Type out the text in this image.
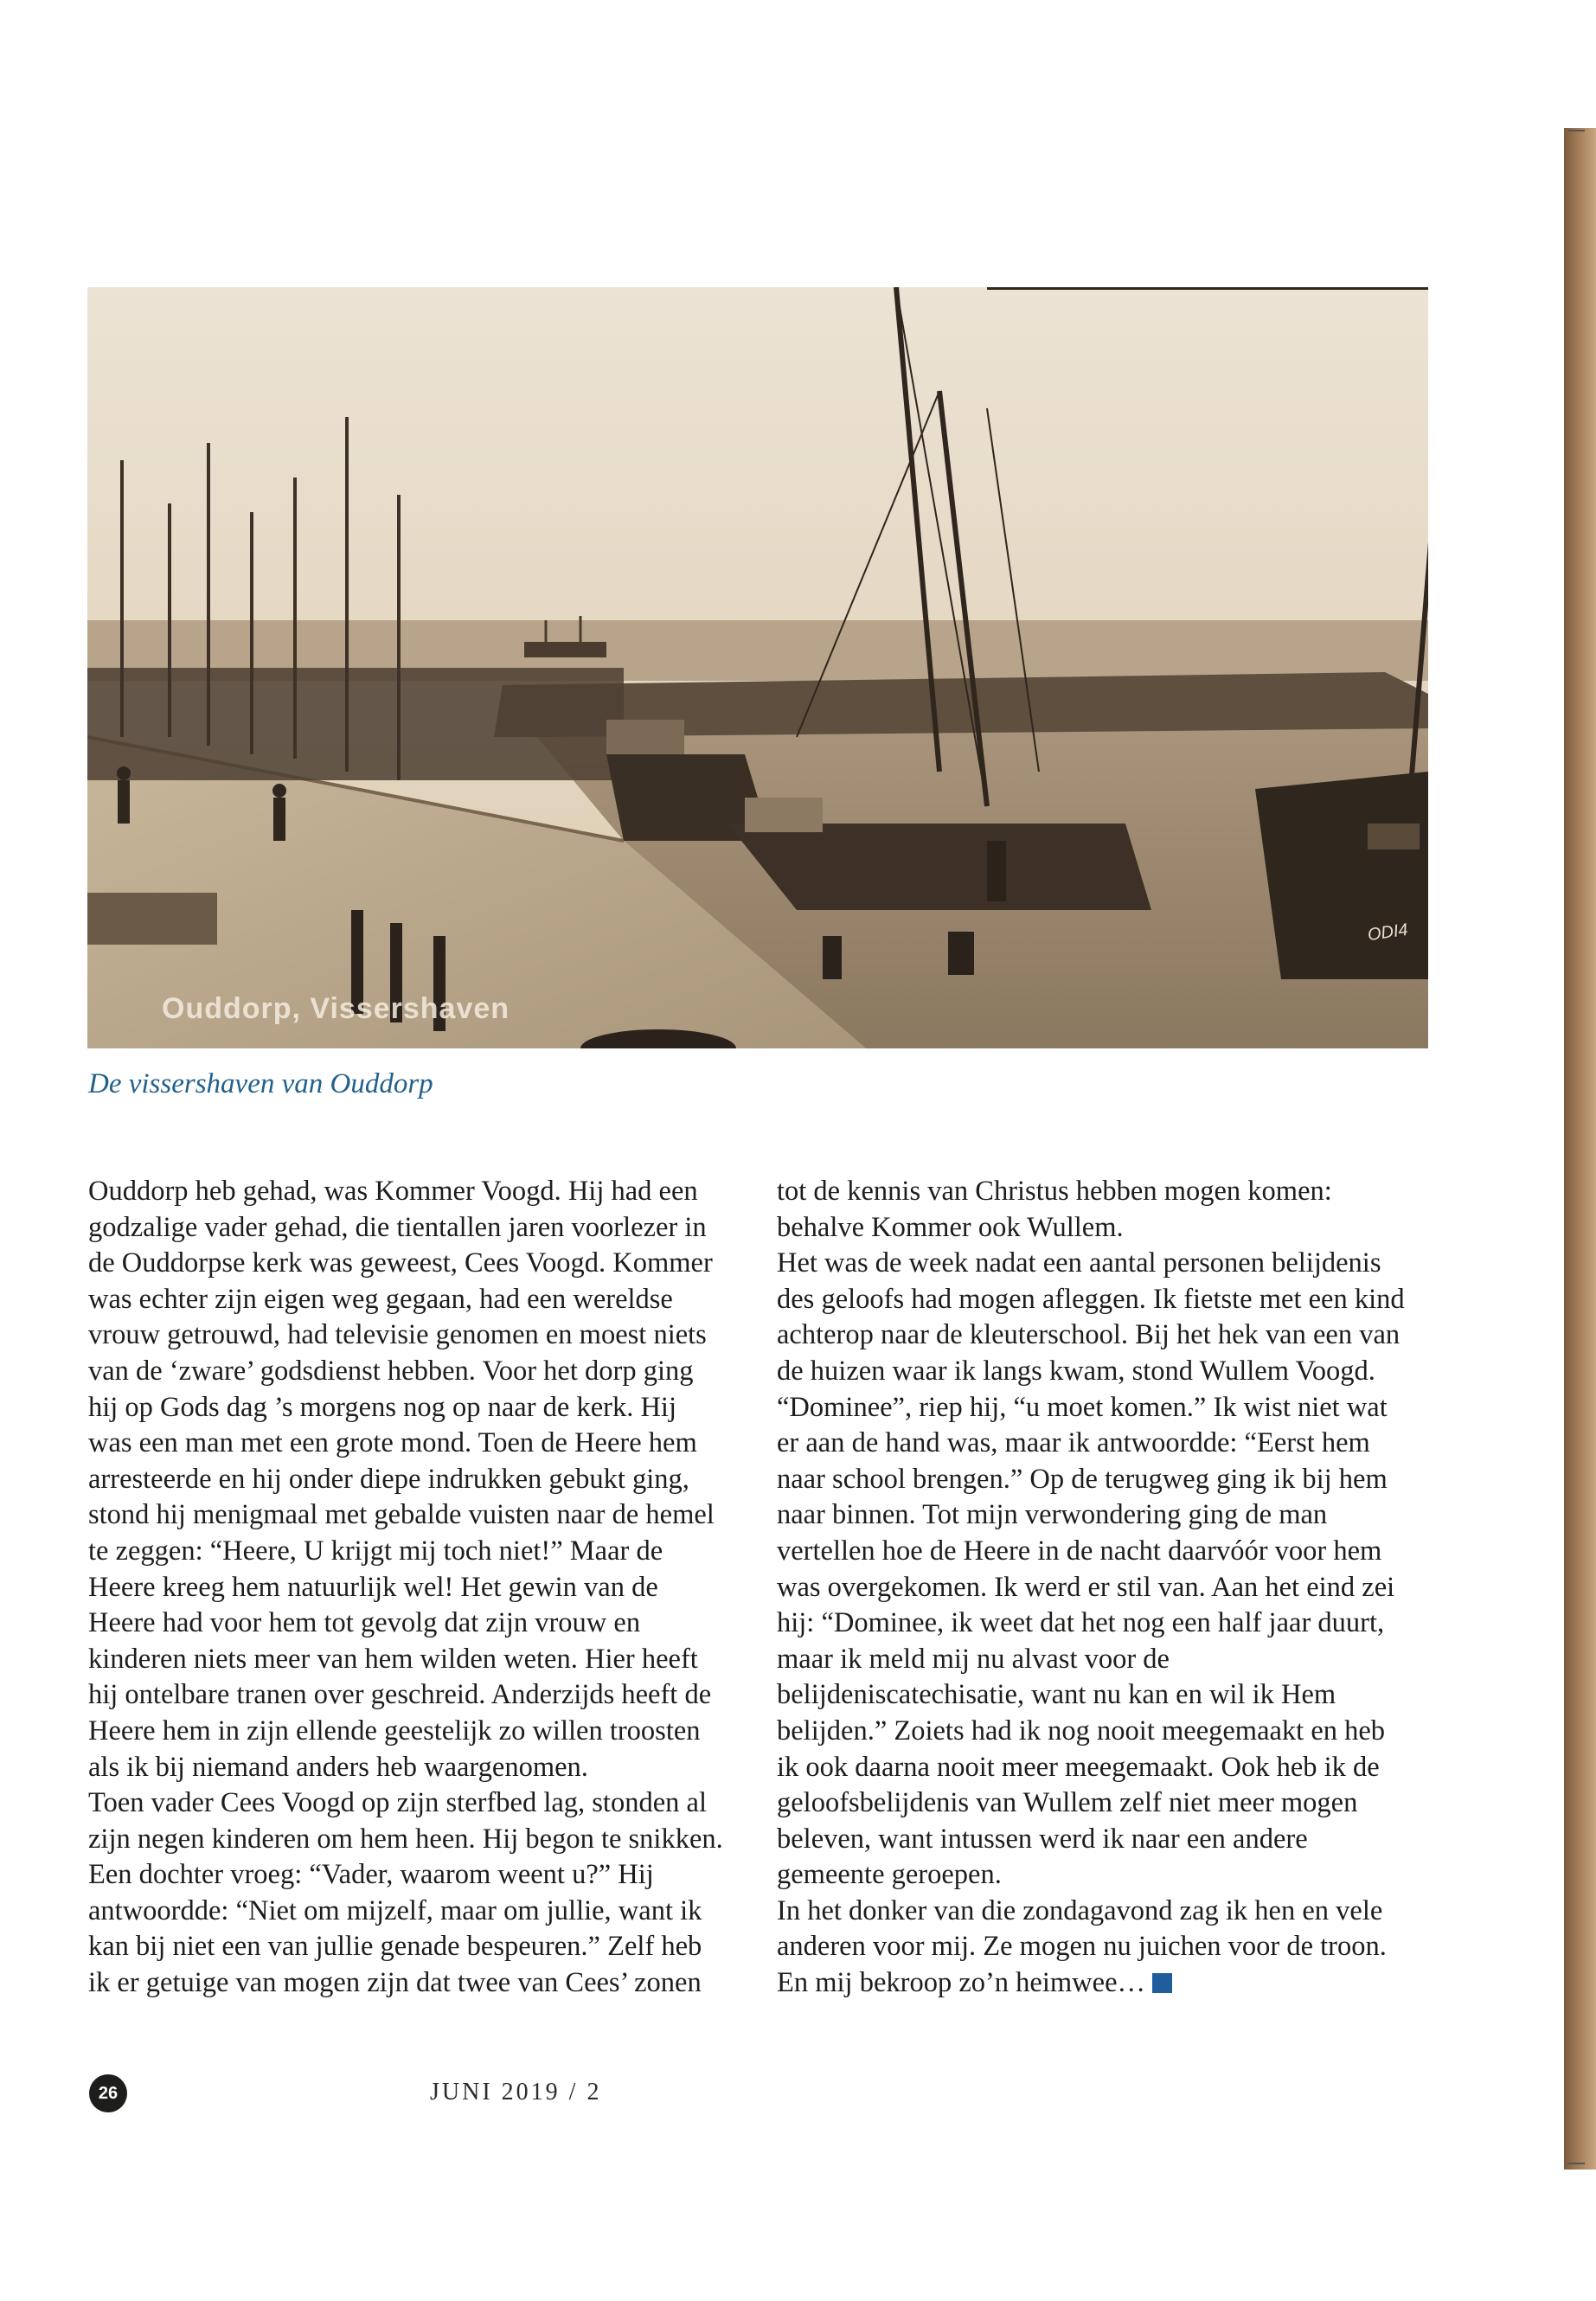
Ouddorp, Vissershaven
ODI4
De vissershaven van Ouddorp

Ouddorp heb gehad, was Kommer Voogd. Hij had een godzalige vader gehad, die tientallen jaren voorlezer in de Ouddorpse kerk was geweest, Cees Voogd. Kommer was echter zijn eigen weg gegaan, had een wereldse vrouw getrouwd, had televisie genomen en moest niets van de ‘zware’ godsdienst hebben. Voor het dorp ging hij op Gods dag ’s morgens nog op naar de kerk. Hij was een man met een grote mond. Toen de Heere hem arresteerde en hij onder diepe indrukken gebukt ging, stond hij menigmaal met gebalde vuisten naar de hemel te zeggen: “Heere, U krijgt mij toch niet!” Maar de Heere kreeg hem natuurlijk wel! Het gewin van de Heere had voor hem tot gevolg dat zijn vrouw en kinderen niets meer van hem wilden weten. Hier heeft hij ontelbare tranen over geschreid. Anderzijds heeft de Heere hem in zijn ellende geestelijk zo willen troosten als ik bij niemand anders heb waargenomen.

Toen vader Cees Voogd op zijn sterfbed lag, stonden al zijn negen kinderen om hem heen. Hij begon te snikken. Een dochter vroeg: “Vader, waarom weent u?” Hij antwoordde: “Niet om mijzelf, maar om jullie, want ik kan bij niet een van jullie genade bespeuren.” Zelf heb ik er getuige van mogen zijn dat twee van Cees’ zonen

tot de kennis van Christus hebben mogen komen: behalve Kommer ook Wullem.

Het was de week nadat een aantal personen belijdenis des geloofs had mogen afleggen. Ik fietste met een kind achterop naar de kleuterschool. Bij het hek van een van de huizen waar ik langs kwam, stond Wullem Voogd. “Dominee”, riep hij, “u moet komen.” Ik wist niet wat er aan de hand was, maar ik antwoordde: “Eerst hem naar school brengen.” Op de terugweg ging ik bij hem naar binnen. Tot mijn verwondering ging de man vertellen hoe de Heere in de nacht daarvóór voor hem was overgekomen. Ik werd er stil van. Aan het eind zei hij: “Dominee, ik weet dat het nog een half jaar duurt, maar ik meld mij nu alvast voor de belijdeniscatechisatie, want nu kan en wil ik Hem belijden.” Zoiets had ik nog nooit meegemaakt en heb ik ook daarna nooit meer meegemaakt. Ook heb ik de geloofsbelijdenis van Wullem zelf niet meer mogen beleven, want intussen werd ik naar een andere gemeente geroepen.

In het donker van die zondagavond zag ik hen en vele anderen voor mij. Ze mogen nu juichen voor de troon. En mij bekroop zo’n heimwee…

26	JUNI 2019 / 2
